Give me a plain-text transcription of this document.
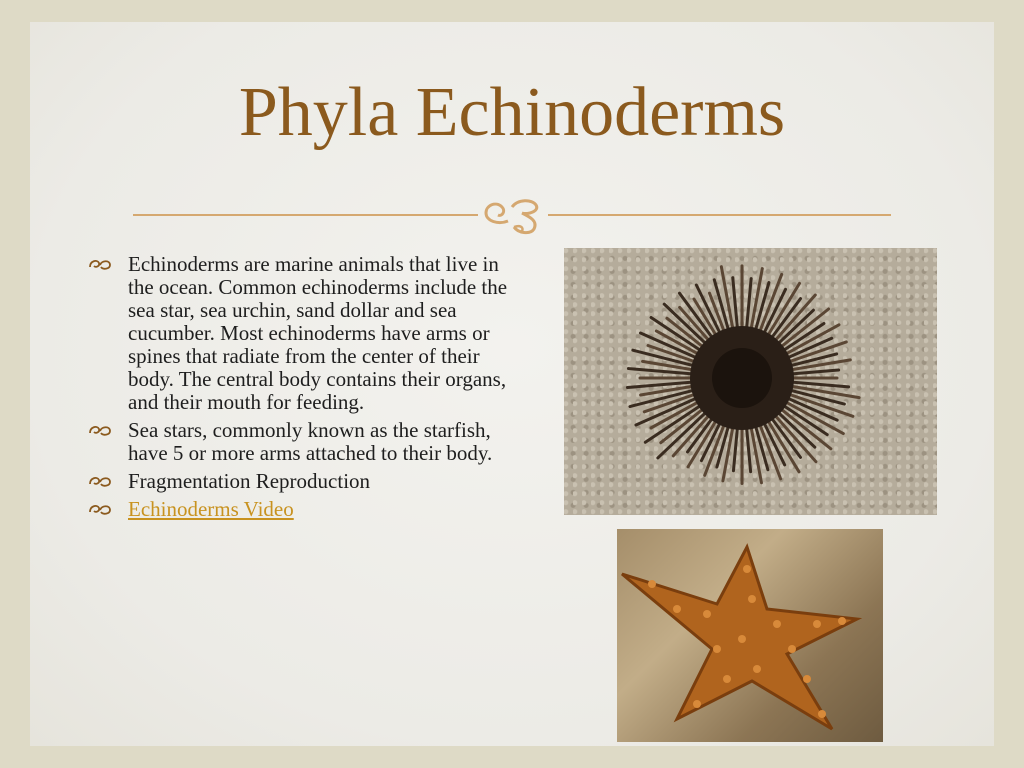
Phyla Echinoderms
Echinoderms are marine animals that live in the ocean. Common echinoderms include the sea star, sea urchin, sand dollar and sea cucumber. Most echinoderms have arms or spines that radiate from the center of their body. The central body contains their organs, and their mouth for feeding.
Sea stars, commonly known as the starfish, have 5 or more arms attached to their body.
Fragmentation Reproduction
Echinoderms Video
